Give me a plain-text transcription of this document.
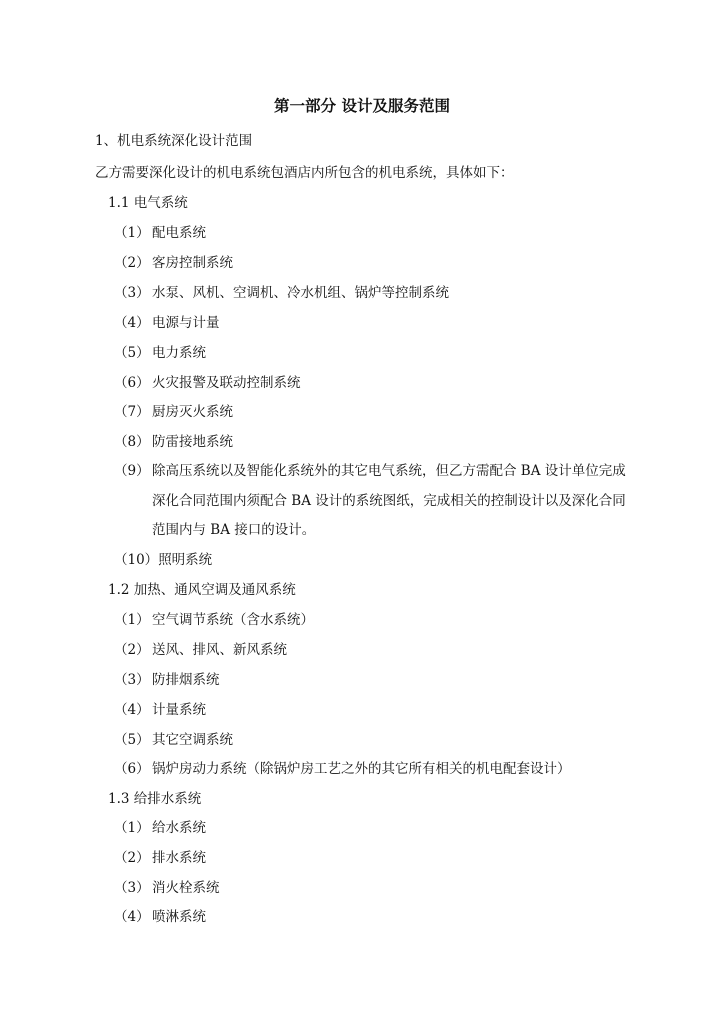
第一部分 设计及服务范围
1、机电系统深化设计范围
乙方需要深化设计的机电系统包酒店内所包含的机电系统，具体如下：
1.1 电气系统
（1） 配电系统
（2） 客房控制系统
（3） 水泵、风机、空调机、冷水机组、锅炉等控制系统
（4） 电源与计量
（5） 电力系统
（6） 火灾报警及联动控制系统
（7） 厨房灭火系统
（8） 防雷接地系统
（9） 除高压系统以及智能化系统外的其它电气系统，但乙方需配合 BA 设计单位完成
深化合同范围内须配合 BA 设计的系统图纸，完成相关的控制设计以及深化合同
范围内与 BA 接口的设计。
（10）照明系统
1.2 加热、通风空调及通风系统
（1） 空气调节系统（含水系统）
（2） 送风、排风、新风系统
（3） 防排烟系统
（4） 计量系统
（5） 其它空调系统
（6） 锅炉房动力系统（除锅炉房工艺之外的其它所有相关的机电配套设计）
1.3 给排水系统
（1） 给水系统
（2） 排水系统
（3） 消火栓系统
（4） 喷淋系统
